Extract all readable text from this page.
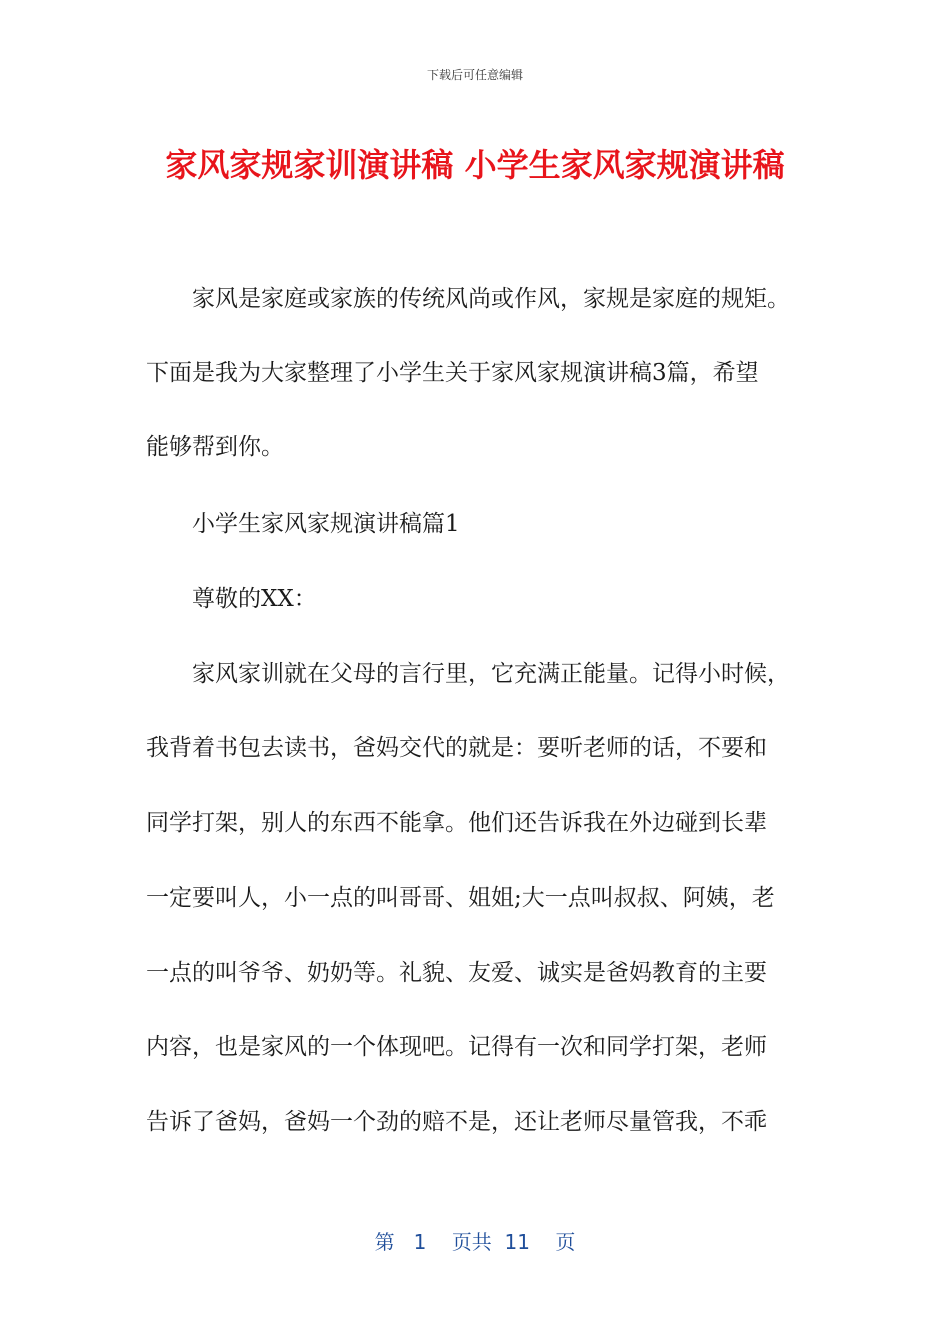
下载后可任意编辑
家风家规家训演讲稿 小学生家风家规演讲稿

家风是家庭或家族的传统风尚或作风，家规是家庭的规矩。

下面是我为大家整理了小学生关于家风家规演讲稿3篇，希望

能够帮到你。

小学生家风家规演讲稿篇1

尊敬的XX：

家风家训就在父母的言行里，它充满正能量。记得小时候，

我背着书包去读书，爸妈交代的就是：要听老师的话，不要和

同学打架，别人的东西不能拿。他们还告诉我在外边碰到长辈

一定要叫人，小一点的叫哥哥、姐姐;大一点叫叔叔、阿姨，老

一点的叫爷爷、奶奶等。礼貌、友爱、诚实是爸妈教育的主要

内容，也是家风的一个体现吧。记得有一次和同学打架，老师

告诉了爸妈，爸妈一个劲的赔不是，还让老师尽量管我，不乖

第 1 页共 11 页
